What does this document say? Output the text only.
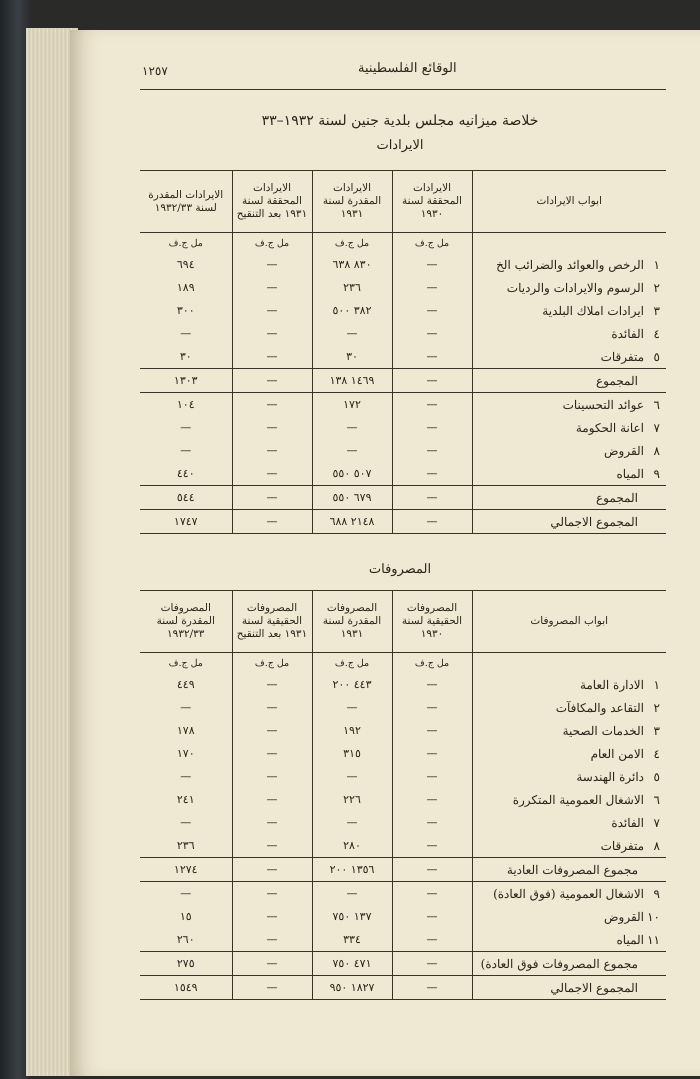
١٢٥٧	الوقائع الفلسطينية
خلاصة ميزانيه مجلس بلدية جنين لسنة ١٩٣٢–٣٣
الايرادات
ابواب الايرادات	الايرادات المحققة لسنة ١٩٣٠	الايرادات المقدرة لسنة ١٩٣١	الايرادات المحققة لسنة ١٩٣١ بعد التنقيح	الايرادات المقدرة لسنة ١٩٣٢/٣٣
	مل ج.ف	مل ج.ف	مل ج.ف	مل ج.ف
١الرخص والعوائد والضرائب الخ	—	٨٣٠ ٦٣٨	—	٦٩٤
٢الرسوم والايرادات والرديات	—	٢٣٦	—	١٨٩
٣ايرادات املاك البلدية	—	٣٨٢ ٥٠٠	—	٣٠٠
٤الفائدة	—	—	—	—
٥متفرقات	—	٣٠	—	٣٠
المجموع	—	١٤٦٩ ١٣٨	—	١٣٠٣
٦عوائد التحسينات	—	١٧٢	—	١٠٤
٧اعانة الحكومة	—	—	—	—
٨القروض	—	—	—	—
٩المياه	—	٥٠٧ ٥٥٠	—	٤٤٠
المجموع	—	٦٧٩ ٥٥٠	—	٥٤٤
المجموع الاجمالي	—	٢١٤٨ ٦٨٨	—	١٧٤٧
المصروفات
ابواب المصروفات	المصروفات الحقيقية لسنة ١٩٣٠	المصروفات المقدرة لسنة ١٩٣١	المصروفات الحقيقية لسنة ١٩٣١ بعد التنقيح	المصروفات المقدرة لسنة ١٩٣٢/٣٣
	مل ج.ف	مل ج.ف	مل ج.ف	مل ج.ف
١الادارة العامة	—	٤٤٣ ٢٠٠	—	٤٤٩
٢التقاعد والمكافآت	—	—	—	—
٣الخدمات الصحية	—	١٩٢	—	١٧٨
٤الامن العام	—	٣١٥	—	١٧٠
٥دائرة الهندسة	—	—	—	—
٦الاشغال العمومية المتكررة	—	٢٢٦	—	٢٤١
٧الفائدة	—	—	—	—
٨متفرقات	—	٢٨٠	—	٢٣٦
مجموع المصروفات العادية	—	١٣٥٦ ٢٠٠	—	١٢٧٤
٩الاشغال العمومية (فوق العادة)	—	—	—	—
١٠القروض	—	١٣٧ ٧٥٠	—	١٥
١١المياه	—	٣٣٤	—	٢٦٠
مجموع المصروفات فوق العادة)	—	٤٧١ ٧٥٠	—	٢٧٥
المجموع الاجمالي	—	١٨٢٧ ٩٥٠	—	١٥٤٩
